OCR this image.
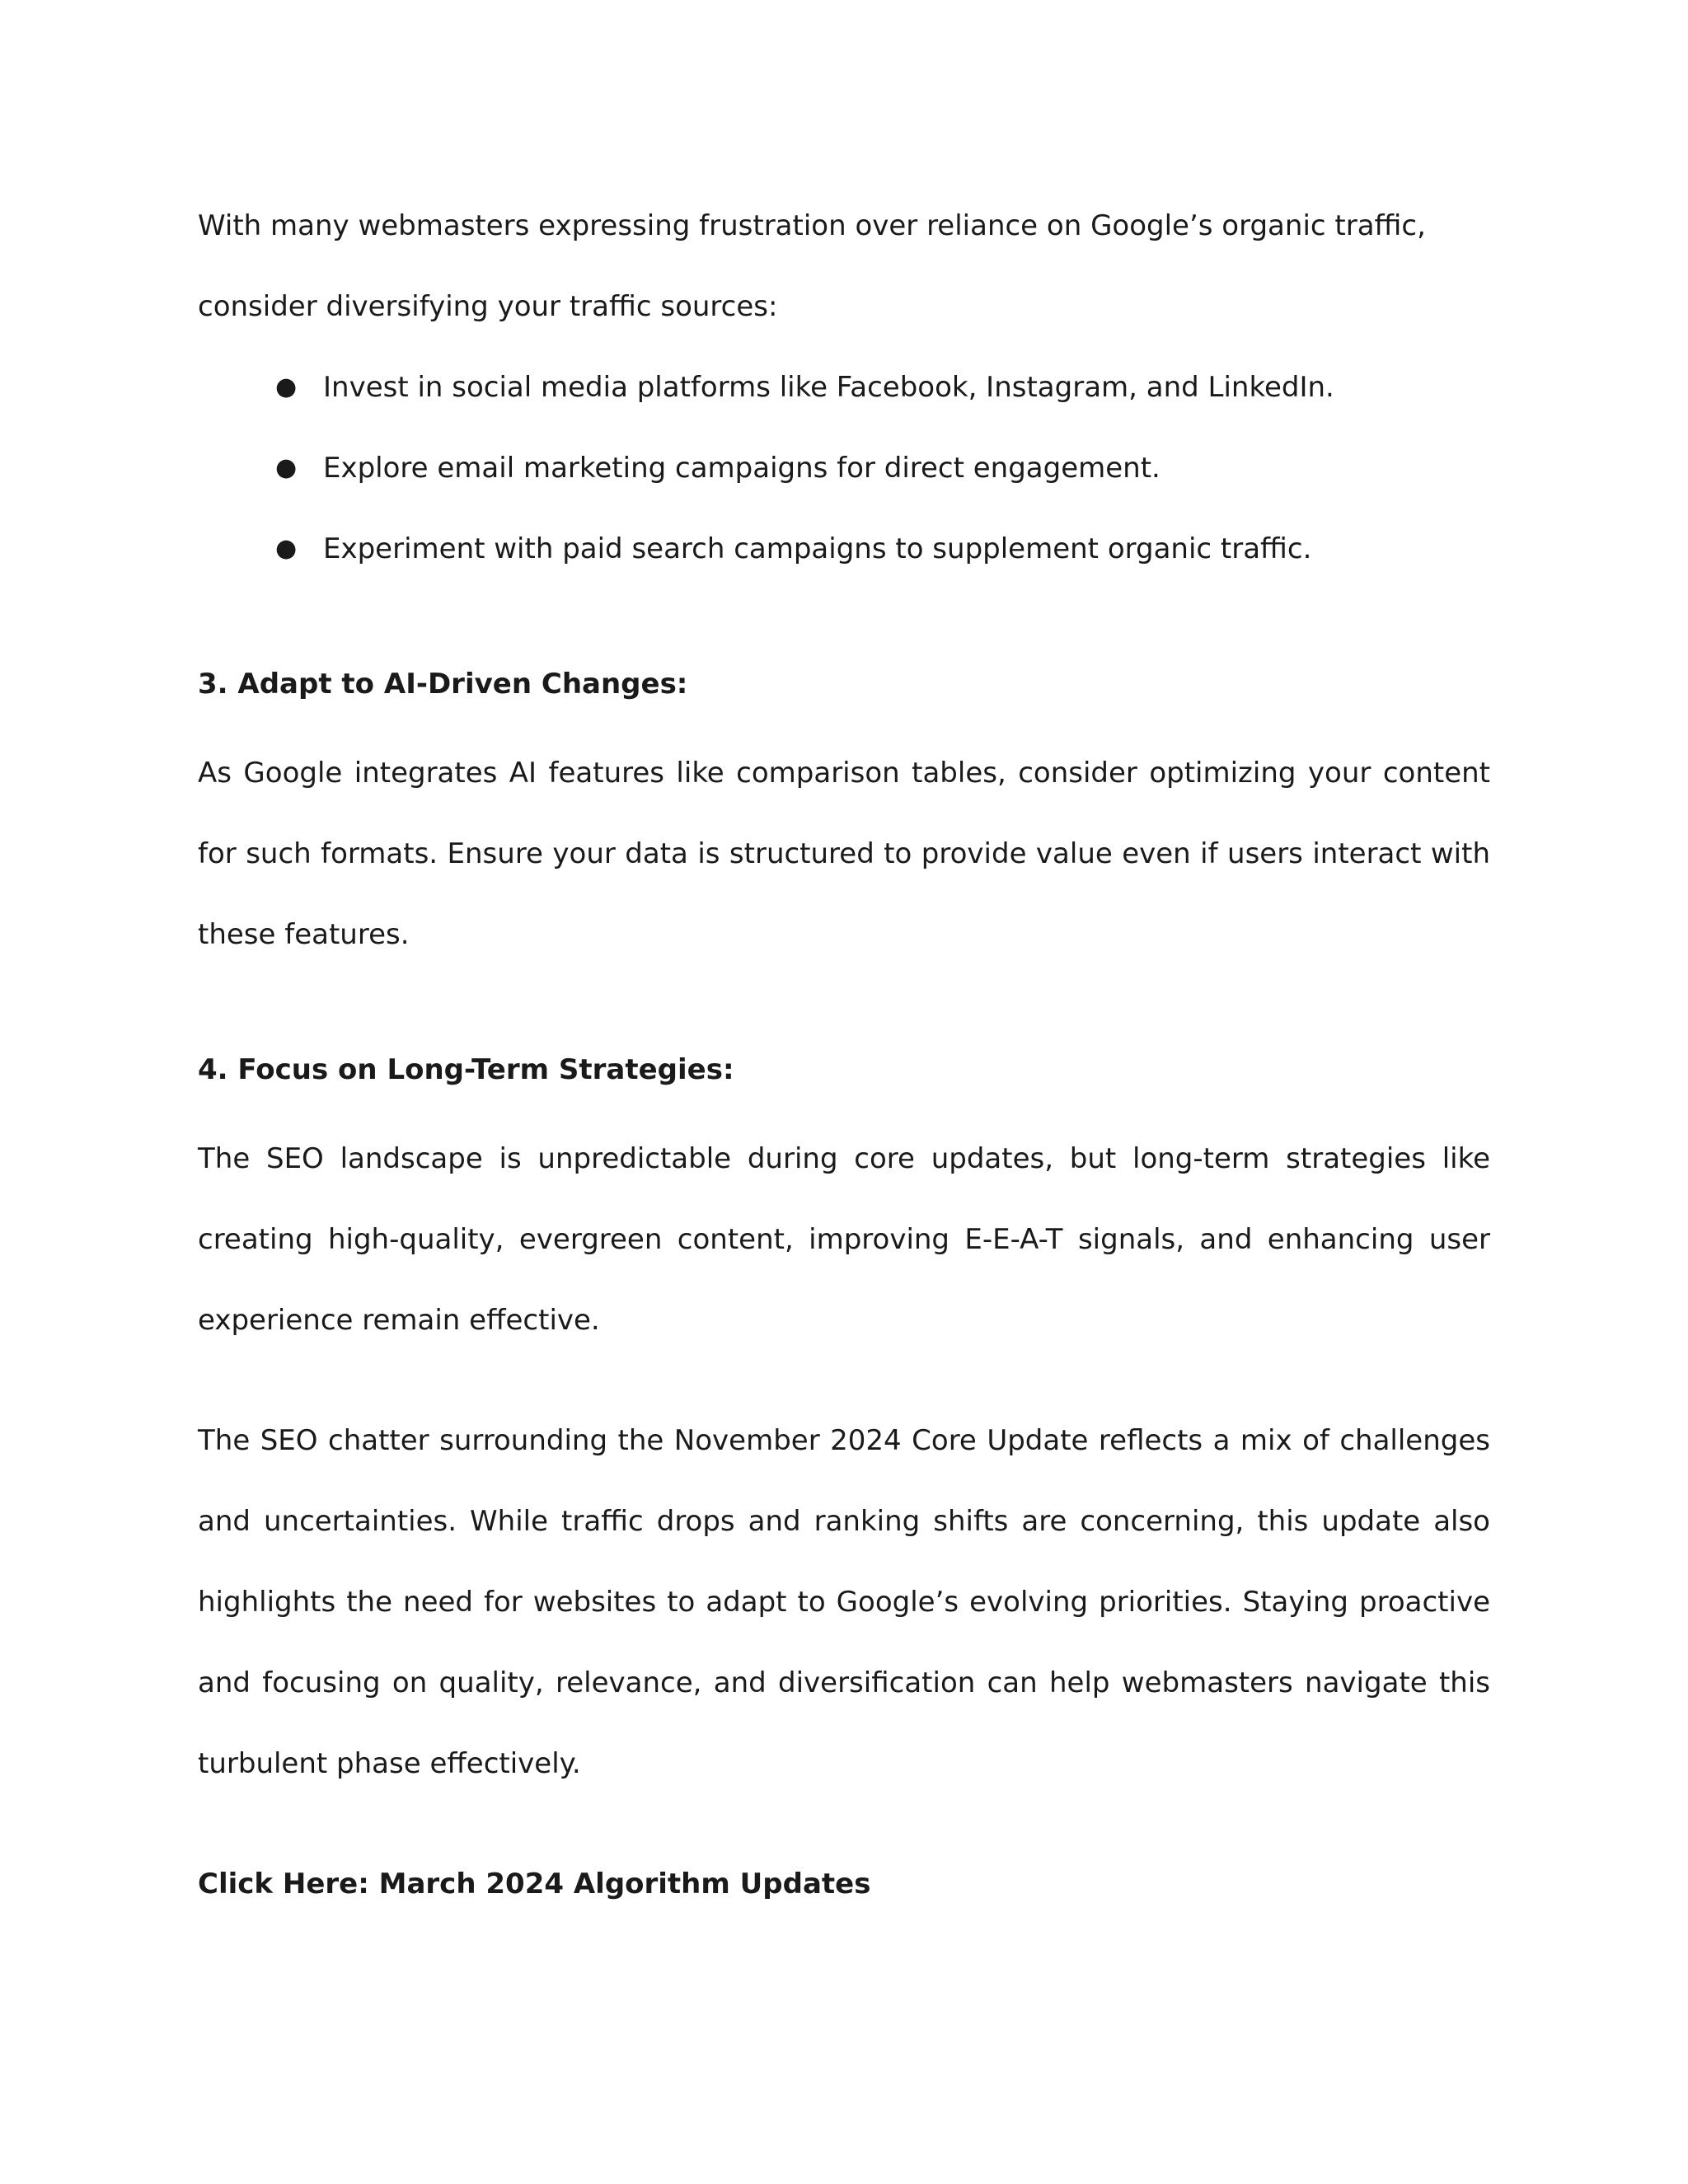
With many webmasters expressing frustration over reliance on Google’s organic traffic, consider diversifying your traffic sources:

● Invest in social media platforms like Facebook, Instagram, and LinkedIn.
● Explore email marketing campaigns for direct engagement.
● Experiment with paid search campaigns to supplement organic traffic.

3. Adapt to AI-Driven Changes:

As Google integrates AI features like comparison tables, consider optimizing your content for such formats. Ensure your data is structured to provide value even if users interact with these features.

4. Focus on Long-Term Strategies:

The SEO landscape is unpredictable during core updates, but long-term strategies like creating high-quality, evergreen content, improving E-E-A-T signals, and enhancing user experience remain effective.

The SEO chatter surrounding the November 2024 Core Update reflects a mix of challenges and uncertainties. While traffic drops and ranking shifts are concerning, this update also highlights the need for websites to adapt to Google’s evolving priorities. Staying proactive and focusing on quality, relevance, and diversification can help webmasters navigate this turbulent phase effectively.

Click Here: March 2024 Algorithm Updates
